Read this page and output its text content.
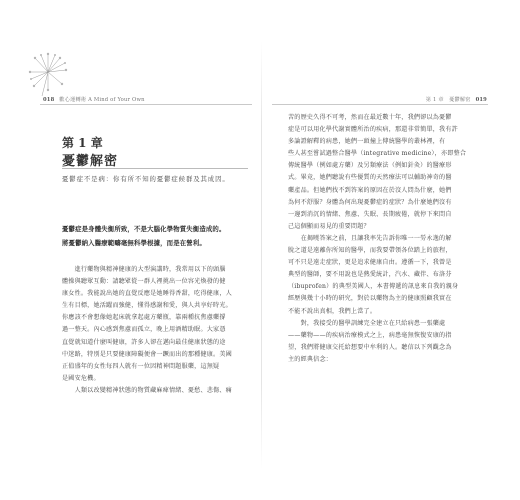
018 歡心運轉術 A Mind of Your Own	第 1 章　憂鬱解密 019
第 1 章
憂鬱解密
憂鬱症不是病：你有所不知的憂鬱症候群及其成因。
憂鬱症是身體失衡所致，不是大腦化學物質失衡造成的。
將憂鬱納入醫療範疇毫無科學根據，而是在營利。
　　進行藥物與精神健康的大型演講時，我常用以下的頭腦
體操與聽眾互動：請聽眾從一群人裡挑出一位容光煥發的健
康女性。我能說出她的直覺反應是她睡得香甜，吃得健康，人
生有目標，她活躍而強健，懂得感謝和愛，與人共享好時光。
你應該不會想像她起床就拿起處方藥瓶，靠兩種抗焦慮藥撐
過一整天。內心感到焦慮而孤立，晚上用酒精助眠。大家憑
直覺就知道什麼叫健康，許多人卻在邁向最佳健康狀態的途
中迷路，特別是只要健康障礙便會一蹶而出的那種健康。美國
正值盛年的女性每四人就有一位因精神問題服藥，這無疑
是國安危機。
　　人類以改變精神狀態的物質藏麻痺情緒、憂愁、悲傷、痛
苦的歷史久得不可考，然而在最近數十年，我們卻以為憂鬱
症是可以用化學代謝實體所治的疾病，那還非常簡單，我有許
多論證解釋的病患，她們一頭撞上傳統醫學的叢林裡，有
些人甚至嘗試過整合醫學（integrative medicine），亦即整合
傳統醫學（例如處方藥）及另類療法（例如針灸）的醫療形
式。畢竟，她們聽說有些優質的天然療法可以輔助神奇的醫
藥產品。但她們找不到答案的原因在於沒人問為什麼，她們
為何不舒服？身體為何出現憂鬱症的症狀？為什麼她們沒有
一邊到消沉的情緒、焦慮、失眠、長期疲倦，就停下來問自
己這個顯而易見的重要問題？
　　在揭曉答案之前，且讓我率先告訴你唯一一勞永逸的解
脫之道是遠離你所知的醫學，而我要帶領各位踏上的旅程，
可不只是遠走症狀，更是追求健康自由。遵循一下，我曾是
典型的醫師，要不用說也是熱愛統計，汽水、藏伴、布洛芬
（ibuprofen）的典型美國人，本書傳遞的訊息來自我的親身
經歷與幾十小時的研究，對於以藥物為主的健康照顧我實在
不能不說出真相，我們上當了。
　　對，我接受的醫學訓練完全建立在只給病患一張藥處
——藥物——的疾病治療模式之上，病患毫無恢復安康的指
望，我們將健康交托給想要中牟利的人。聽信以下列觀念為
主的經典信念：
